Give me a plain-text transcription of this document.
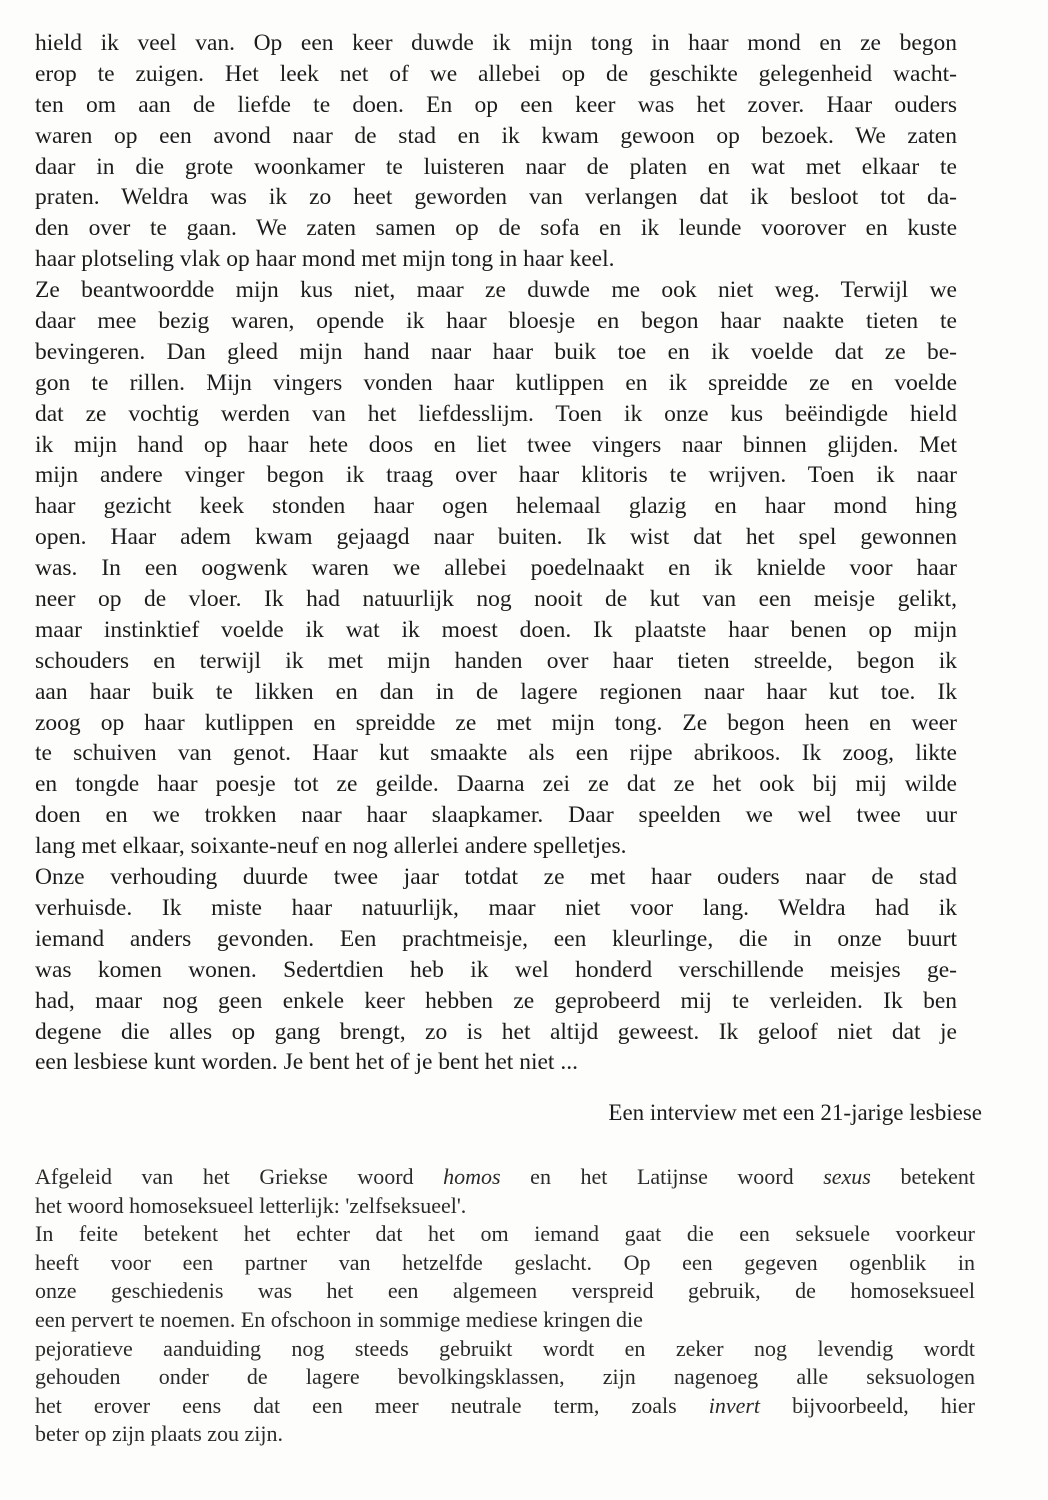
hield ik veel van. Op een keer duwde ik mijn tong in haar mond en ze begon
erop te zuigen. Het leek net of we allebei op de geschikte gelegenheid wacht-
ten om aan de liefde te doen. En op een keer was het zover. Haar ouders
waren op een avond naar de stad en ik kwam gewoon op bezoek. We zaten
daar in die grote woonkamer te luisteren naar de platen en wat met elkaar te
praten. Weldra was ik zo heet geworden van verlangen dat ik besloot tot da-
den over te gaan. We zaten samen op de sofa en ik leunde voorover en kuste
haar plotseling vlak op haar mond met mijn tong in haar keel.
Ze beantwoordde mijn kus niet, maar ze duwde me ook niet weg. Terwijl we
daar mee bezig waren, opende ik haar bloesje en begon haar naakte tieten te
bevingeren. Dan gleed mijn hand naar haar buik toe en ik voelde dat ze be-
gon te rillen. Mijn vingers vonden haar kutlippen en ik spreidde ze en voelde
dat ze vochtig werden van het liefdesslijm. Toen ik onze kus beëindigde hield
ik mijn hand op haar hete doos en liet twee vingers naar binnen glijden. Met
mijn andere vinger begon ik traag over haar klitoris te wrijven. Toen ik naar
haar gezicht keek stonden haar ogen helemaal glazig en haar mond hing
open. Haar adem kwam gejaagd naar buiten. Ik wist dat het spel gewonnen
was. In een oogwenk waren we allebei poedelnaakt en ik knielde voor haar
neer op de vloer. Ik had natuurlijk nog nooit de kut van een meisje gelikt,
maar instinktief voelde ik wat ik moest doen. Ik plaatste haar benen op mijn
schouders en terwijl ik met mijn handen over haar tieten streelde, begon ik
aan haar buik te likken en dan in de lagere regionen naar haar kut toe. Ik
zoog op haar kutlippen en spreidde ze met mijn tong. Ze begon heen en weer
te schuiven van genot. Haar kut smaakte als een rijpe abrikoos. Ik zoog, likte
en tongde haar poesje tot ze geilde. Daarna zei ze dat ze het ook bij mij wilde
doen en we trokken naar haar slaapkamer. Daar speelden we wel twee uur
lang met elkaar, soixante-neuf en nog allerlei andere spelletjes.
Onze verhouding duurde twee jaar totdat ze met haar ouders naar de stad
verhuisde. Ik miste haar natuurlijk, maar niet voor lang. Weldra had ik
iemand anders gevonden. Een prachtmeisje, een kleurlinge, die in onze buurt
was komen wonen. Sedertdien heb ik wel honderd verschillende meisjes ge-
had, maar nog geen enkele keer hebben ze geprobeerd mij te verleiden. Ik ben
degene die alles op gang brengt, zo is het altijd geweest. Ik geloof niet dat je
een lesbiese kunt worden. Je bent het of je bent het niet ...
Een interview met een 21-jarige lesbiese
Afgeleid van het Griekse woord homos en het Latijnse woord sexus betekent
het woord homoseksueel letterlijk: 'zelfseksueel'.
In feite betekent het echter dat het om iemand gaat die een seksuele voorkeur
heeft voor een partner van hetzelfde geslacht. Op een gegeven ogenblik in
onze geschiedenis was het een algemeen verspreid gebruik, de homoseksueel
een pervert te noemen. En ofschoon in sommige mediese kringen die
pejoratieve aanduiding nog steeds gebruikt wordt en zeker nog levendig wordt
gehouden onder de lagere bevolkingsklassen, zijn nagenoeg alle seksuologen
het erover eens dat een meer neutrale term, zoals invert bijvoorbeeld, hier
beter op zijn plaats zou zijn.
